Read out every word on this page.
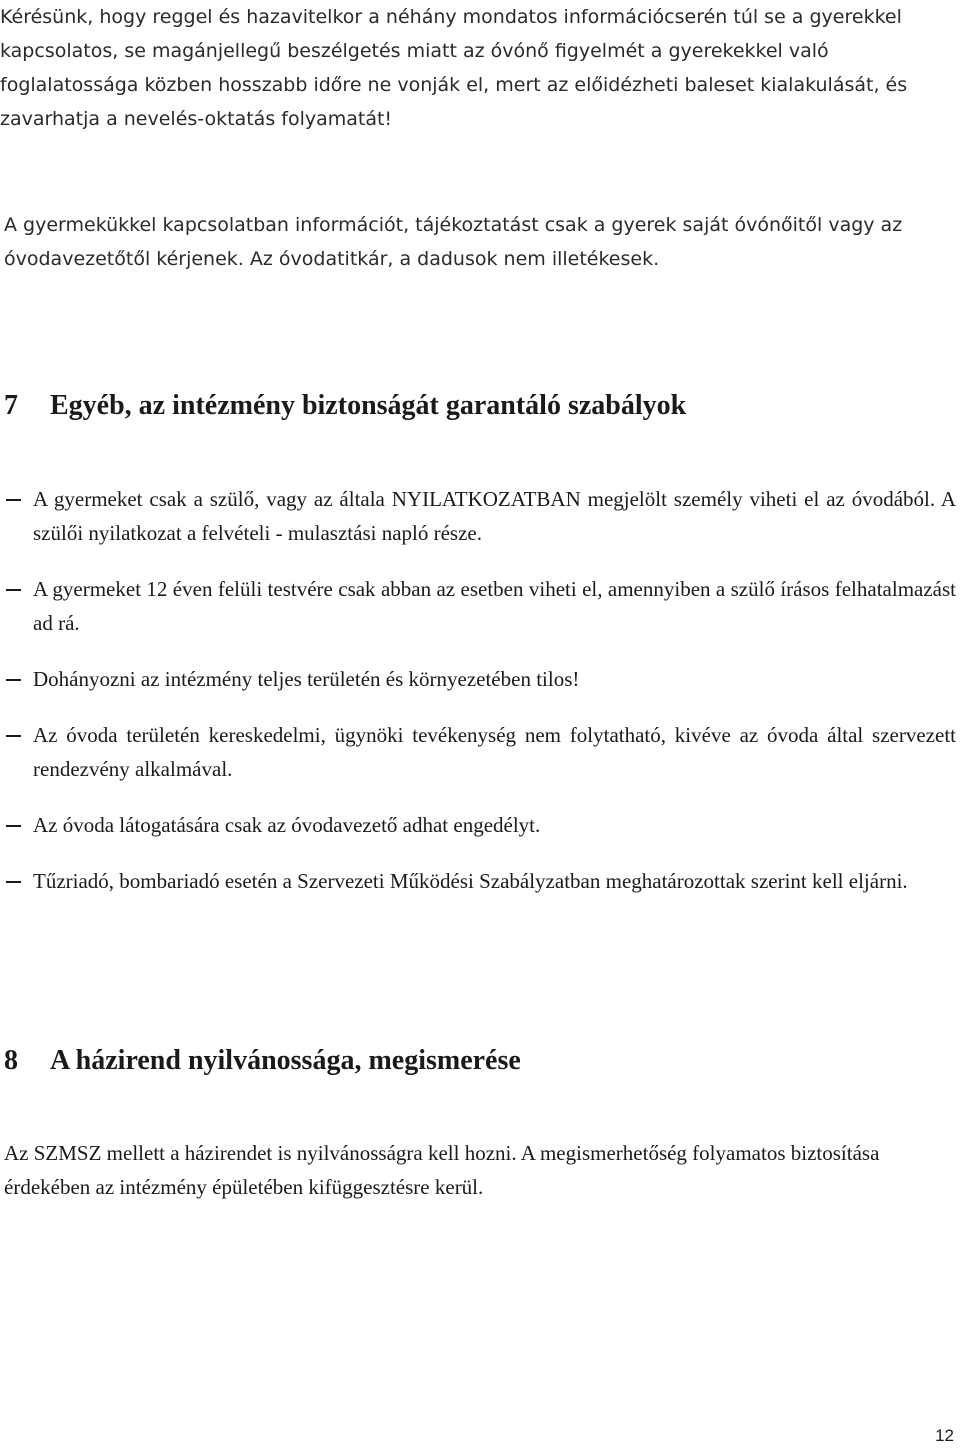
Kérésünk, hogy reggel és hazavitelkor a néhány mondatos információcserén túl se a gyerekkel kapcsolatos, se magánjellegű beszélgetés miatt az óvónő figyelmét a gyerekekkel való foglalatossága közben hosszabb időre ne vonják el, mert az előidézheti baleset kialakulását, és zavarhatja a nevelés-oktatás folyamatát!

A gyermekükkel kapcsolatban információt, tájékoztatást csak a gyerek saját óvónőitől vagy az óvodavezetőtől kérjenek. Az óvodatitkár, a dadusok nem illetékesek.

7 Egyéb, az intézmény biztonságát garantáló szabályok
A gyermeket csak a szülő, vagy az általa NYILATKOZATBAN megjelölt személy viheti el az óvodából. A szülői nyilatkozat a felvételi - mulasztási napló része.
A gyermeket 12 éven felüli testvére csak abban az esetben viheti el, amennyiben a szülő írásos felhatalmazást ad rá.
Dohányozni az intézmény teljes területén és környezetében tilos!
Az óvoda területén kereskedelmi, ügynöki tevékenység nem folytatható, kivéve az óvoda által szervezett rendezvény alkalmával.
Az óvoda látogatására csak az óvodavezető adhat engedélyt.
Tűzriadó, bombariadó esetén a Szervezeti Működési Szabályzatban meghatározottak szerint kell eljárni.
8 A házirend nyilvánossága, megismerése

Az SZMSZ mellett a házirendet is nyilvánosságra kell hozni. A megismerhetőség folyamatos biztosítása érdekében az intézmény épületében kifüggesztésre kerül.

12
